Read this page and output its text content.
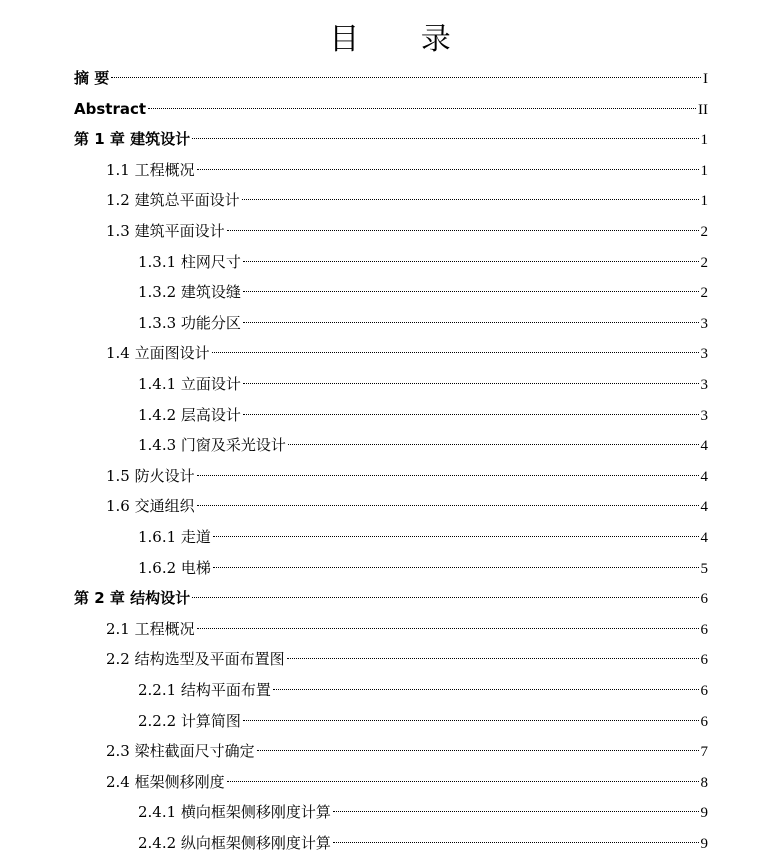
目 录
摘 要	I
Abstract	II
第 1 章 建筑设计	1
1.1 工程概况	1
1.2 建筑总平面设计	1
1.3 建筑平面设计	2
1.3.1 柱网尺寸	2
1.3.2 建筑设缝	2
1.3.3 功能分区	3
1.4 立面图设计	3
1.4.1 立面设计	3
1.4.2 层高设计	3
1.4.3 门窗及采光设计	4
1.5 防火设计	4
1.6 交通组织	4
1.6.1 走道	4
1.6.2 电梯	5
第 2 章 结构设计	6
2.1 工程概况	6
2.2 结构选型及平面布置图	6
2.2.1 结构平面布置	6
2.2.2 计算简图	6
2.3 梁柱截面尺寸确定	7
2.4 框架侧移刚度	8
2.4.1 横向框架侧移刚度计算	9
2.4.2 纵向框架侧移刚度计算	9
